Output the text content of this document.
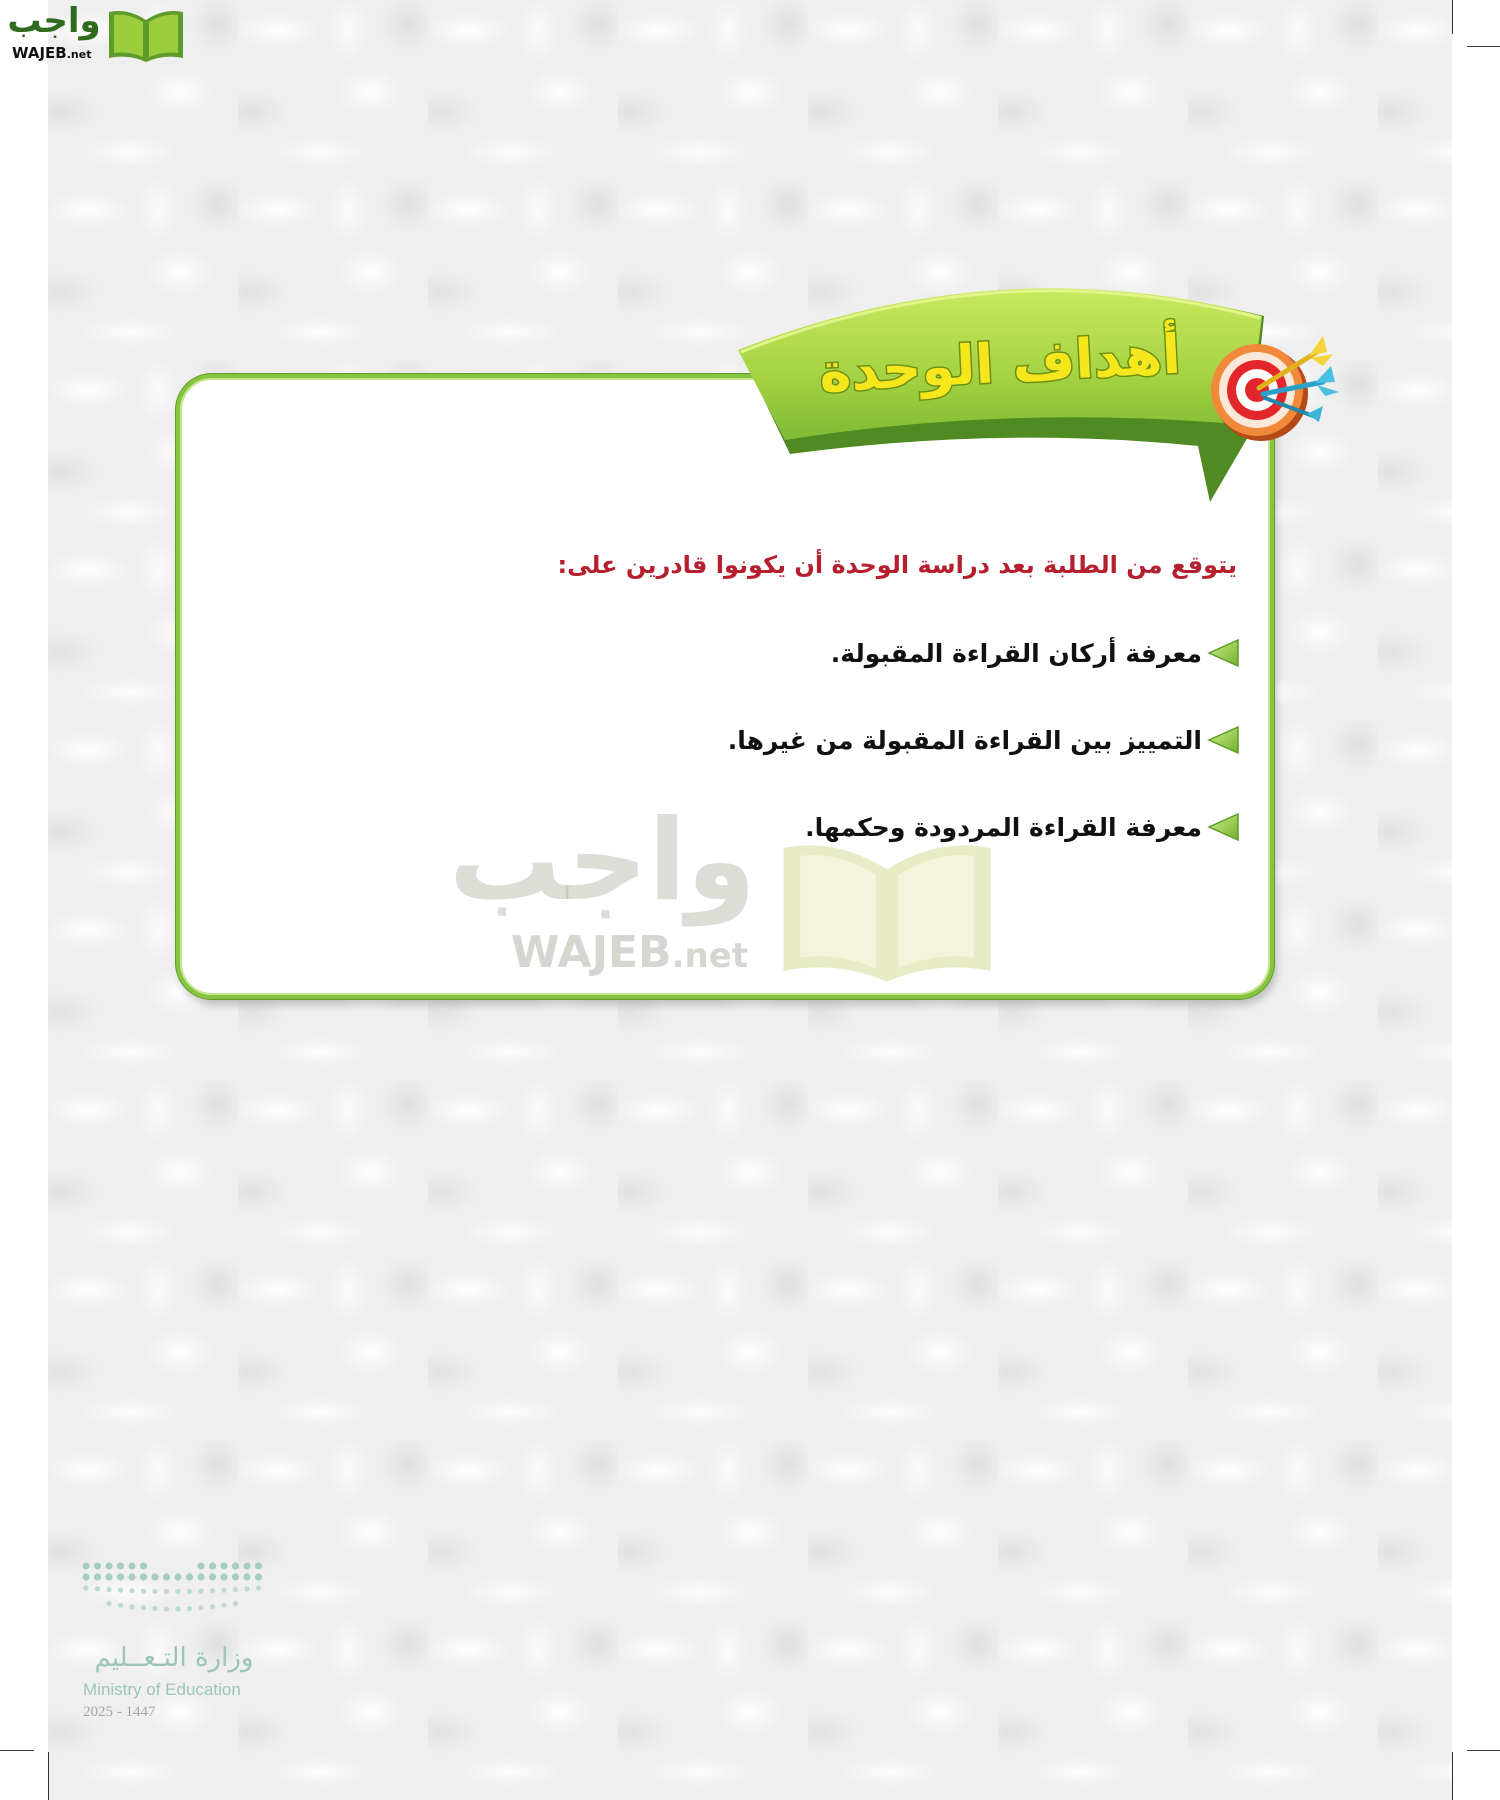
واجب
WAJEB.net
أهداف الوحدة
واجب
WAJEB.net
يتوقع من الطلبة بعد دراسة الوحدة أن يكونوا قادرين على:
معرفة أركان القراءة المقبولة.
التمييز بين القراءة المقبولة من غيرها.
معرفة القراءة المردودة وحكمها.
وزارة التـعــليم
Ministry of Education
2025 - 1447
